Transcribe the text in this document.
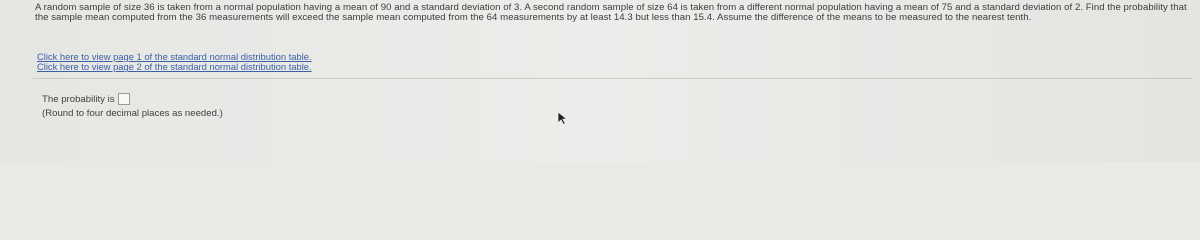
A random sample of size 36 is taken from a normal population having a mean of 90 and a standard deviation of 3. A second random sample of size 64 is taken from a different normal population having a mean of 75 and a standard deviation of 2. Find the probability that the sample mean computed from the 36 measurements will exceed the sample mean computed from the 64 measurements by at least 14.3 but less than 15.4. Assume the difference of the means to be measured to the nearest tenth.

Click here to view page 1 of the standard normal distribution table.
Click here to view page 2 of the standard normal distribution table.
The probability is
(Round to four decimal places as needed.)
